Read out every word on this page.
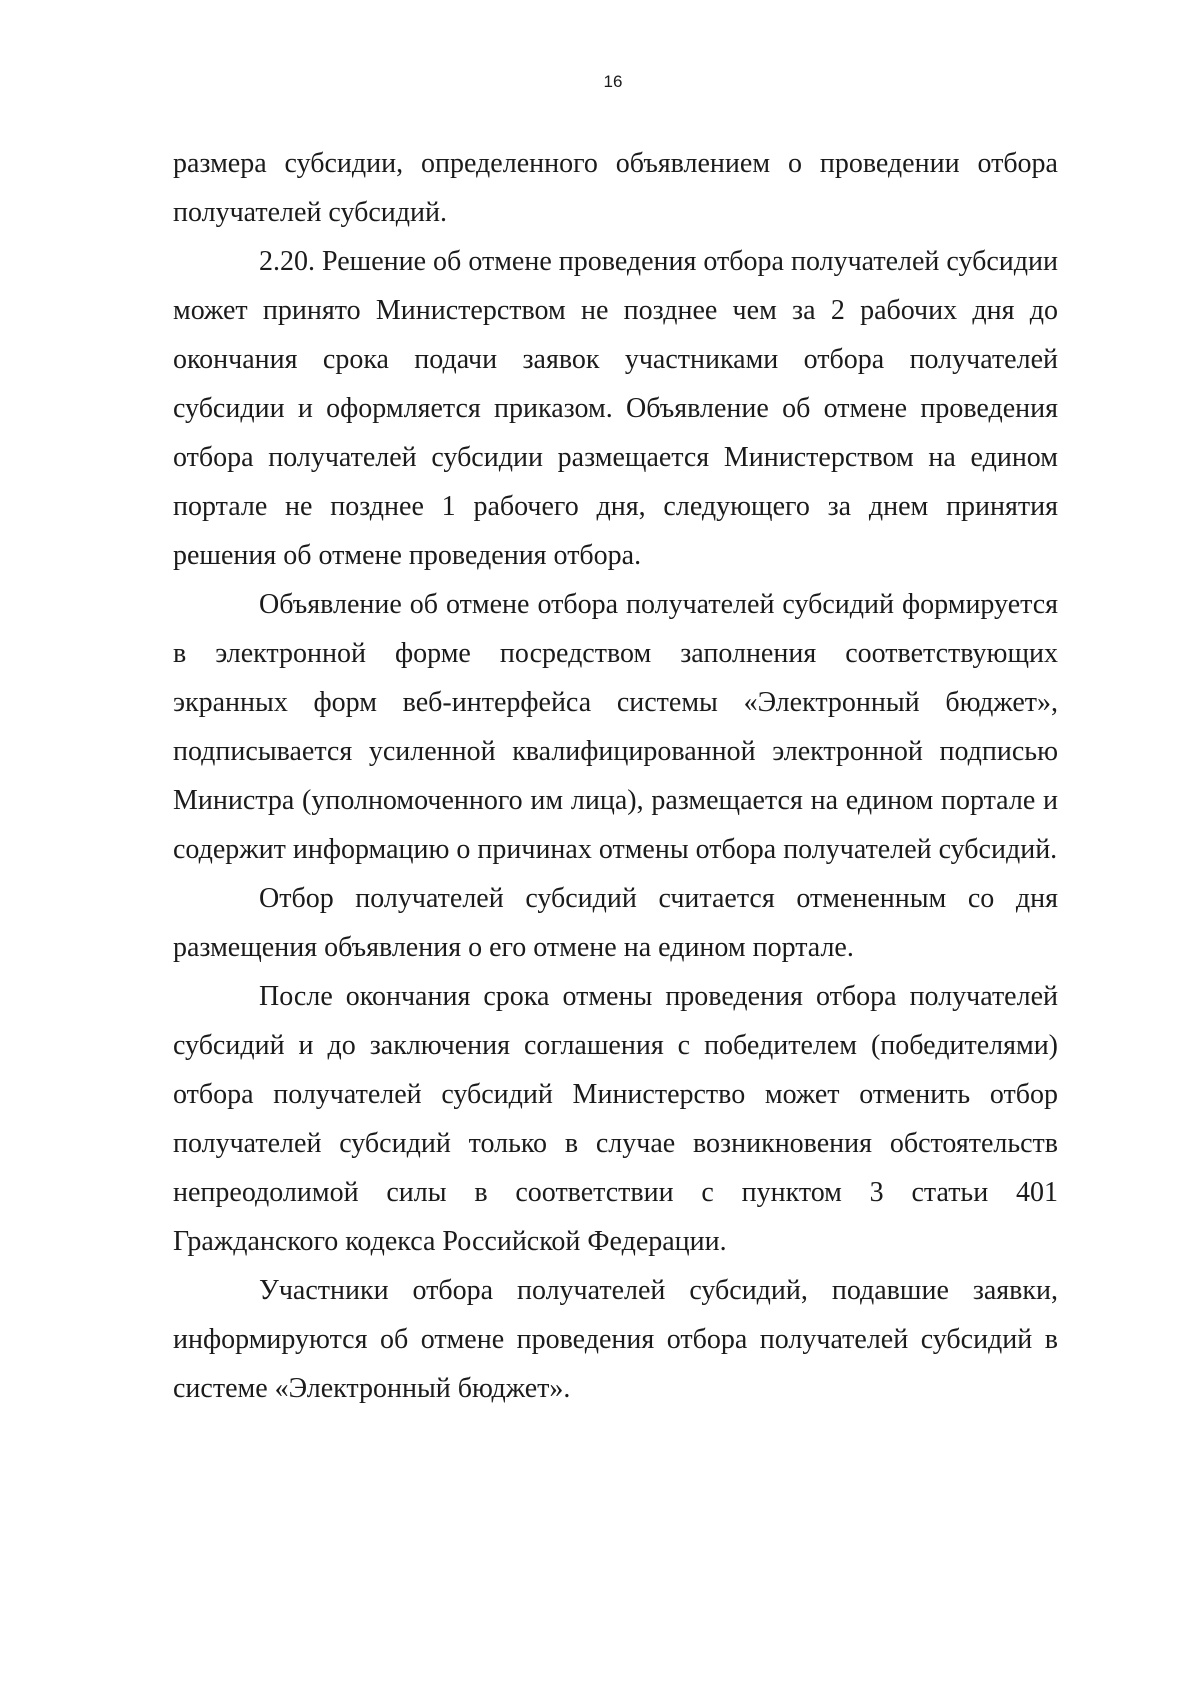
16

размера субсидии, определенного объявлением о проведении отбора получателей субсидий.

2.20. Решение об отмене проведения отбора получателей субсидии может принято Министерством не позднее чем за 2 рабочих дня до окончания срока подачи заявок участниками отбора получателей субсидии и оформляется приказом. Объявление об отмене проведения отбора получателей субсидии размещается Министерством на едином портале не позднее 1 рабочего дня, следующего за днем принятия решения об отмене проведения отбора.

Объявление об отмене отбора получателей субсидий формируется в электронной форме посредством заполнения соответствующих экранных форм веб-интерфейса системы «Электронный бюджет», подписывается усиленной квалифицированной электронной подписью Министра (уполномоченного им лица), размещается на едином портале и содержит информацию о причинах отмены отбора получателей субсидий.

Отбор получателей субсидий считается отмененным со дня размещения объявления о его отмене на едином портале.

После окончания срока отмены проведения отбора получателей субсидий и до заключения соглашения с победителем (победителями) отбора получателей субсидий Министерство может отменить отбор получателей субсидий только в случае возникновения обстоятельств непреодолимой силы в соответствии с пунктом 3 статьи 401 Гражданского кодекса Российской Федерации.

Участники отбора получателей субсидий, подавшие заявки, информируются об отмене проведения отбора получателей субсидий в системе «Электронный бюджет».
